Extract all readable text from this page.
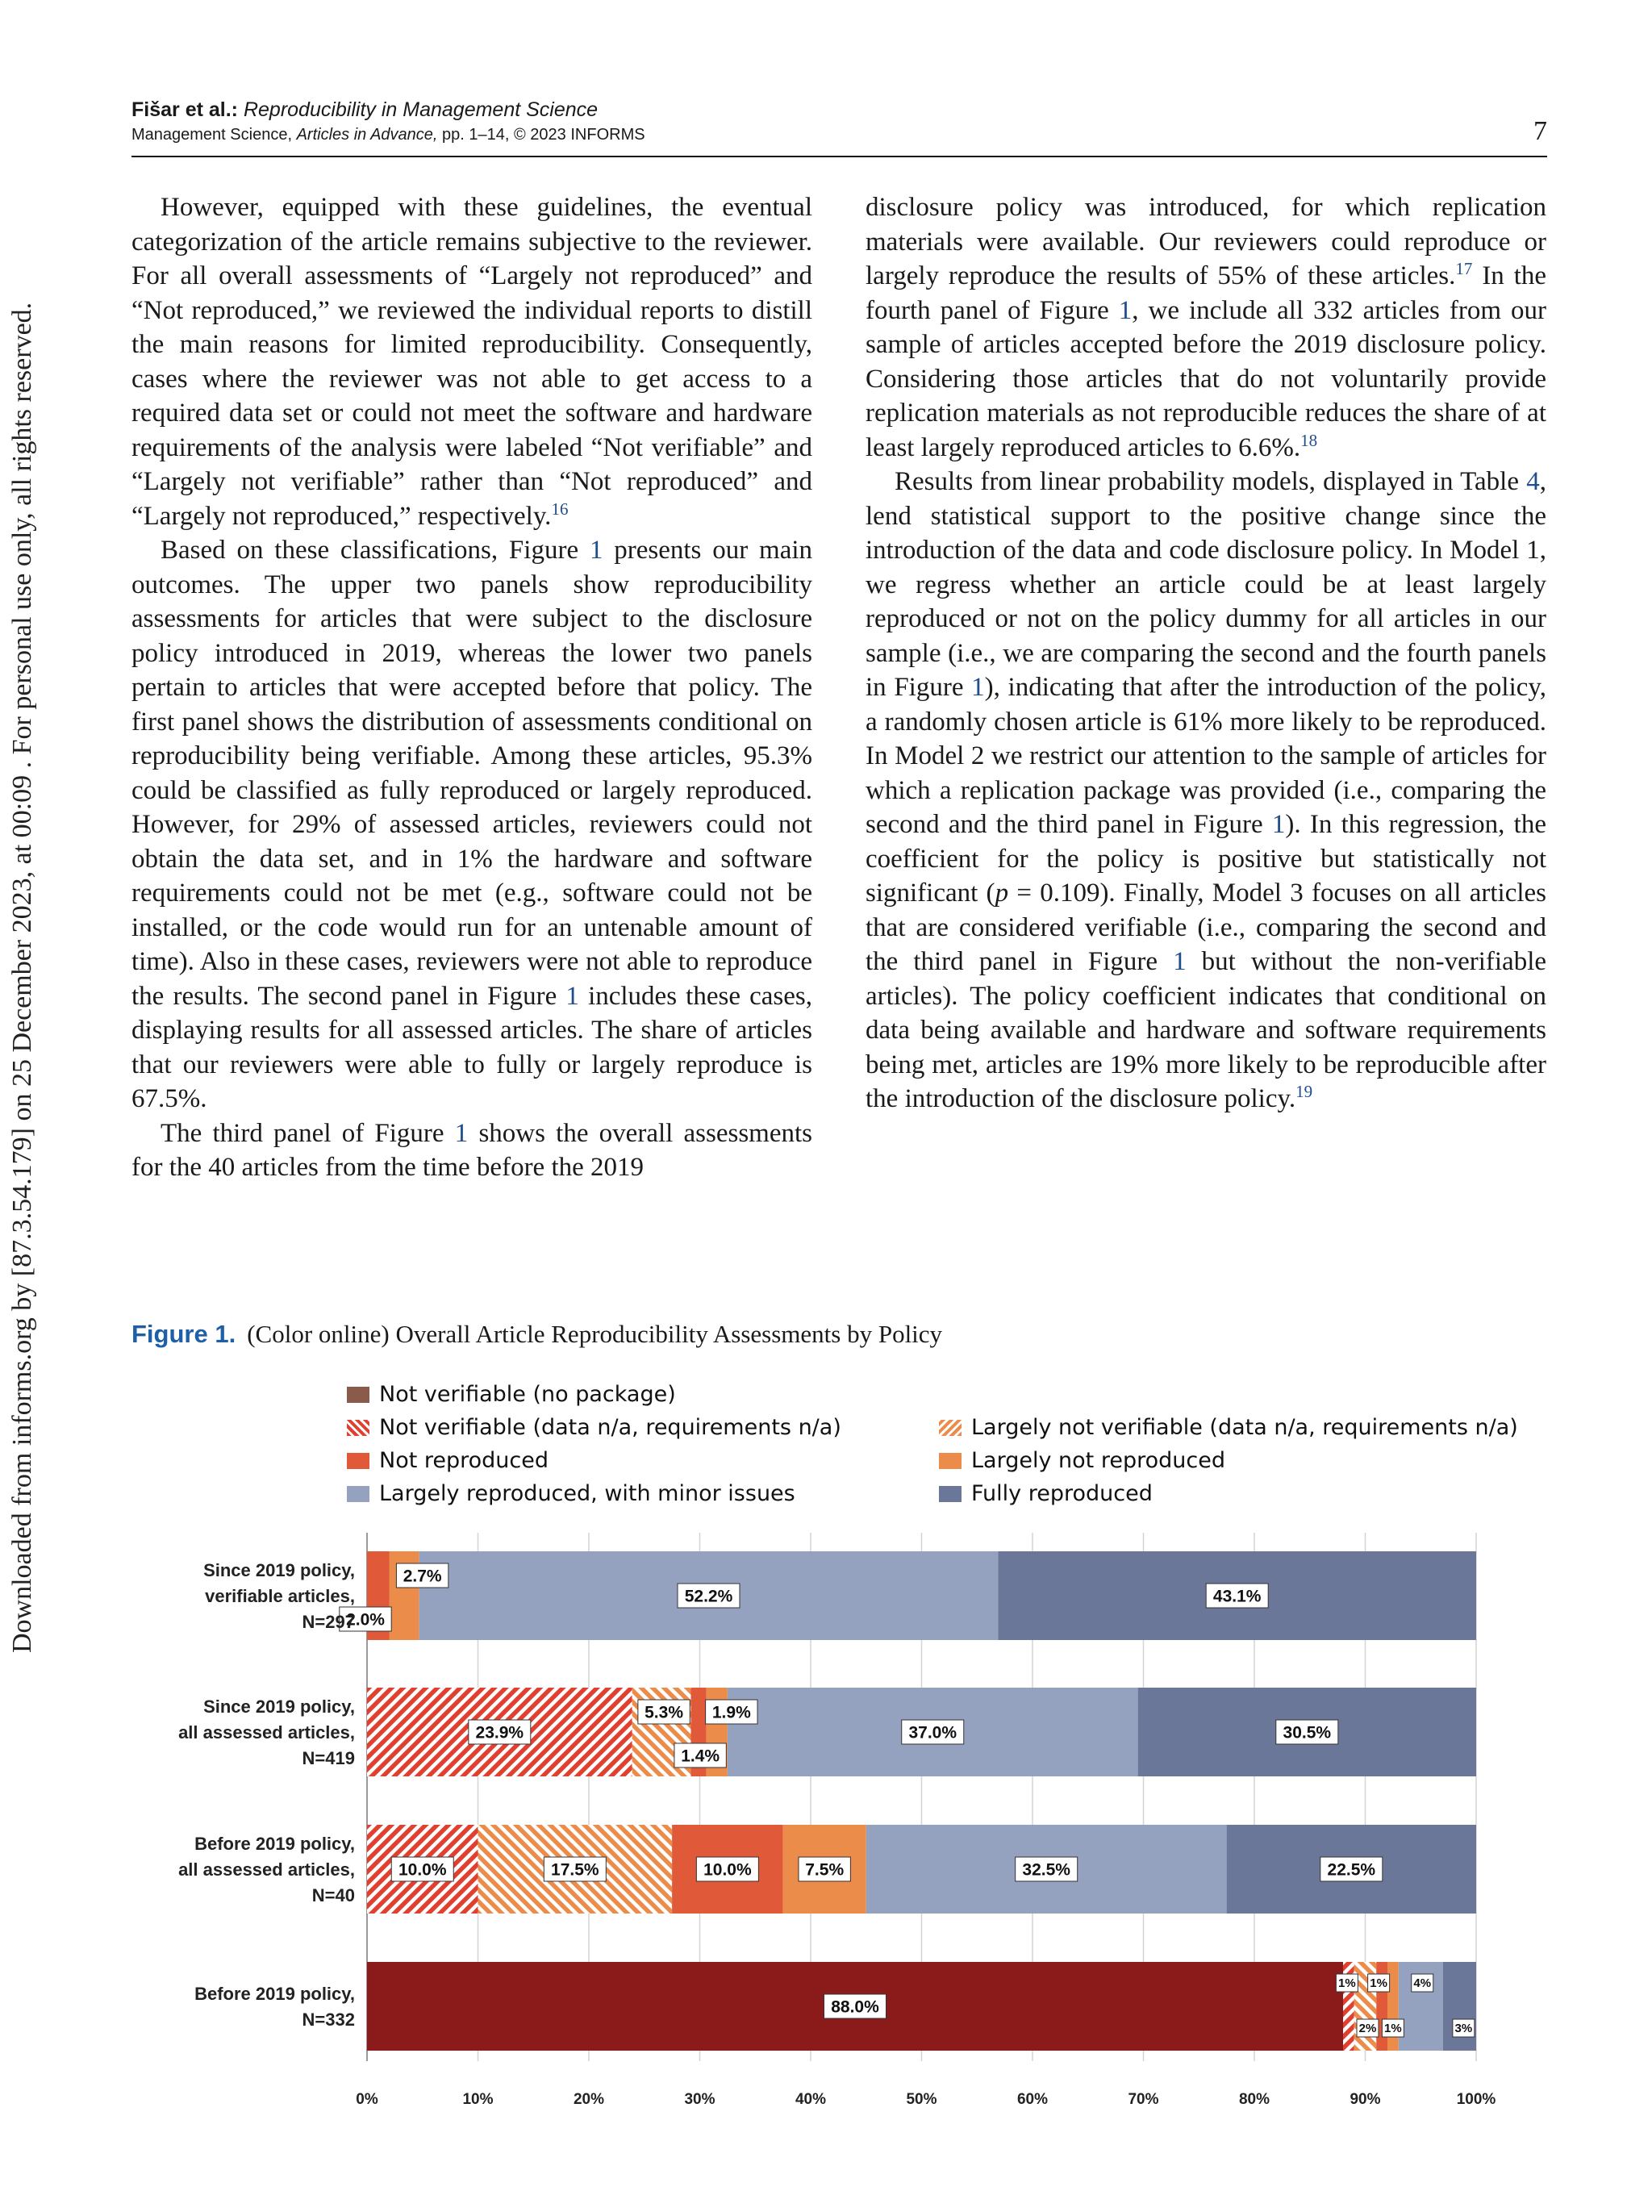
Downloaded from informs.org by [87.3.54.179] on 25 December 2023, at 00:09 . For personal use only, all rights reserved.
Fišar et al.: Reproducibility in Management Science
Management Science, Articles in Advance, pp. 1–14, © 2023 INFORMS	7

However, equipped with these guidelines, the eventual categorization of the article remains subjective to the reviewer. For all overall assessments of “Largely not reproduced” and “Not reproduced,” we reviewed the individual reports to distill the main reasons for limited reproducibility. Consequently, cases where the reviewer was not able to get access to a required data set or could not meet the software and hardware requirements of the analysis were labeled “Not verifiable” and “Largely not verifiable” rather than “Not reproduced” and “Largely not reproduced,” respectively.$^{16}$

Based on these classifications, Figure 1 presents our main outcomes. The upper two panels show reproducibility assessments for articles that were subject to the disclosure policy introduced in 2019, whereas the lower two panels pertain to articles that were accepted before that policy. The first panel shows the distribution of assessments conditional on reproducibility being verifiable. Among these articles, 95.3% could be classified as fully reproduced or largely reproduced. However, for 29% of assessed articles, reviewers could not obtain the data set, and in 1% the hardware and software requirements could not be met (e.g., software could not be installed, or the code would run for an untenable amount of time). Also in these cases, reviewers were not able to reproduce the results. The second panel in Figure 1 includes these cases, displaying results for all assessed articles. The share of articles that our reviewers were able to fully or largely reproduce is 67.5%.

The third panel of Figure 1 shows the overall assessments for the 40 articles from the time before the 2019

disclosure policy was introduced, for which replication materials were available. Our reviewers could reproduce or largely reproduce the results of 55% of these articles.$^{17}$ In the fourth panel of Figure 1, we include all 332 articles from our sample of articles accepted before the 2019 disclosure policy. Considering those articles that do not voluntarily provide replication materials as not reproducible reduces the share of at least largely reproduced articles to 6.6%.$^{18}$

Results from linear probability models, displayed in Table 4, lend statistical support to the positive change since the introduction of the data and code disclosure policy. In Model 1, we regress whether an article could be at least largely reproduced or not on the policy dummy for all articles in our sample (i.e., we are comparing the second and the fourth panels in Figure 1), indicating that after the introduction of the policy, a randomly chosen article is 61% more likely to be reproduced. In Model 2 we restrict our attention to the sample of articles for which a replication package was provided (i.e., comparing the second and the third panel in Figure 1). In this regression, the coefficient for the policy is positive but statistically not significant (p = 0.109). Finally, Model 3 focuses on all articles that are considered verifiable (i.e., comparing the second and the third panel in Figure 1 but without the non-verifiable articles). The policy coefficient indicates that conditional on data being available and hardware and software requirements being met, articles are 19% more likely to be reproducible after the introduction of the disclosure policy.$^{19}$

Figure 1. (Color online) Overall Article Reproducibility Assessments by Policy
Not verifiable (no package)
Not verifiable (data n/a, requirements n/a)	Largely not verifiable (data n/a, requirements n/a)
Not reproduced	Largely not reproduced
Largely reproduced, with minor issues	Fully reproduced
2.0%
2.7%
52.2%	43.1%
23.9%
5.3%
1.4%
1.9%
37.0%	30.5%
10.0%	17.5%	10.0%	7.5%	32.5%	22.5%
88.0%
1%
2%
1%
1%
4%
3%
Since 2019 policy,
verifiable articles,
N=297
Since 2019 policy,
all assessed articles,
N=419
Before 2019 policy,
all assessed articles,
N=40
Before 2019 policy,
N=332
0%	10%	20%	30%	40%	50%	60%	70%	80%	90%	100%
